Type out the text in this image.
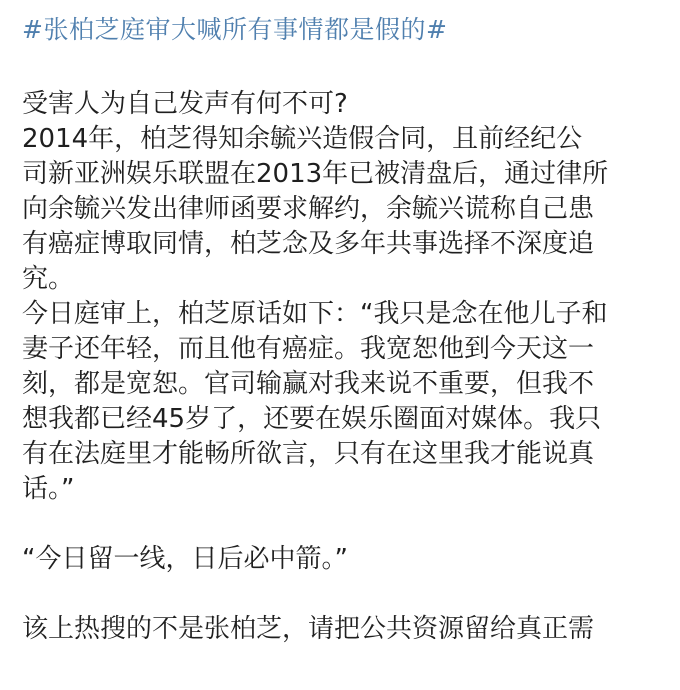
#张柏芝庭审大喊所有事情都是假的#

受害人为自己发声有何不可?

2014年，柏芝得知余毓兴造假合同，且前经纪公
司新亚洲娱乐联盟在2013年已被清盘后，通过律所
向余毓兴发出律师函要求解约，余毓兴谎称自己患
有癌症博取同情，柏芝念及多年共事选择不深度追
究。

今日庭审上，柏芝原话如下：“我只是念在他儿子和
妻子还年轻，而且他有癌症。我宽恕他到今天这一
刻，都是宽恕。官司输赢对我来说不重要，但我不
想我都已经45岁了，还要在娱乐圈面对媒体。我只
有在法庭里才能畅所欲言，只有在这里我才能说真
话。”

“今日留一线，日后必中箭。”

该上热搜的不是张柏芝，请把公共资源留给真正需
